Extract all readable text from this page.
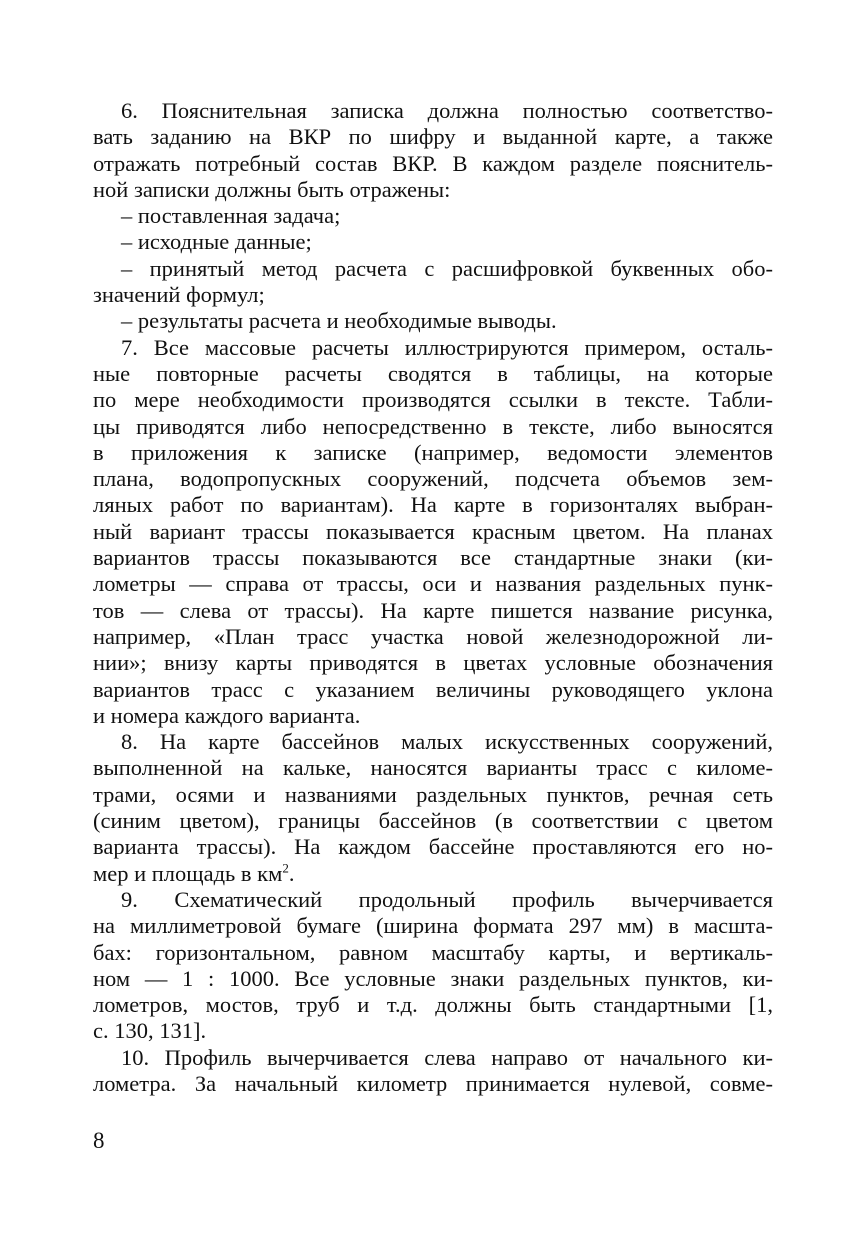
6. Пояснительная записка должна полностью соответство-
вать заданию на ВКР по шифру и выданной карте, а также
отражать потребный состав ВКР. В каждом разделе пояснитель-
ной записки должны быть отражены:

– поставленная задача;

– исходные данные;

– принятый метод расчета с расшифровкой буквенных обо-
значений формул;

– результаты расчета и необходимые выводы.

7. Все массовые расчеты иллюстрируются примером, осталь-
ные повторные расчеты сводятся в таблицы, на которые
по мере необходимости производятся ссылки в тексте. Табли-
цы приводятся либо непосредственно в тексте, либо выносятся
в приложения к записке (например, ведомости элементов
плана, водопропускных сооружений, подсчета объемов зем-
ляных работ по вариантам). На карте в горизонталях выбран-
ный вариант трассы показывается красным цветом. На планах
вариантов трассы показываются все стандартные знаки (ки-
лометры — справа от трассы, оси и названия раздельных пунк-
тов — слева от трассы). На карте пишется название рисунка,
например, «План трасс участка новой железнодорожной ли-
нии»; внизу карты приводятся в цветах условные обозначения
вариантов трасс с указанием величины руководящего уклона
и номера каждого варианта.

8. На карте бассейнов малых искусственных сооружений,
выполненной на кальке, наносятся варианты трасс с киломе-
трами, осями и названиями раздельных пунктов, речная сеть
(синим цветом), границы бассейнов (в соответствии с цветом
варианта трассы). На каждом бассейне проставляются его но-
мер и площадь в $км^2$.

9. Схематический продольный профиль вычерчивается
на миллиметровой бумаге (ширина формата 297 мм) в масшта-
бах: горизонтальном, равном масштабу карты, и вертикаль-
ном — 1 : 1000. Все условные знаки раздельных пунктов, ки-
лометров, мостов, труб и т.д. должны быть стандартными [1,
с. 130, 131].

10. Профиль вычерчивается слева направо от начального ки-
лометра. За начальный километр принимается нулевой, совме-

8
